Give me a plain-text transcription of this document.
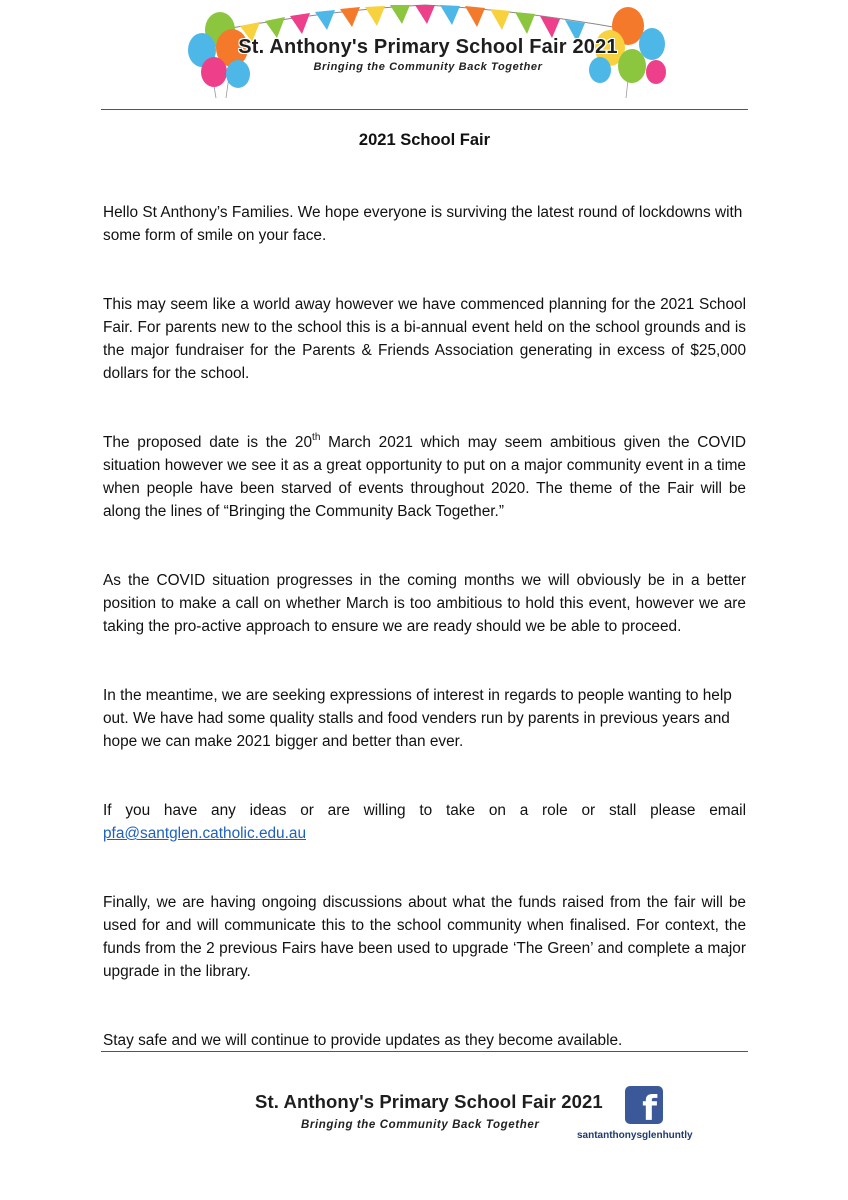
St. Anthony's Primary School Fair 2021
Bringing the Community Back Together
2021 School Fair

Hello St Anthony’s Families. We hope everyone is surviving the latest round of lockdowns with some form of smile on your face.

This may seem like a world away however we have commenced planning for the 2021 School Fair. For parents new to the school this is a bi-annual event held on the school grounds and is the major fundraiser for the Parents & Friends Association generating in excess of $25,000 dollars for the school.

The proposed date is the 20th March 2021 which may seem ambitious given the COVID situation however we see it as a great opportunity to put on a major community event in a time when people have been starved of events throughout 2020. The theme of the Fair will be along the lines of “Bringing the Community Back Together.”

As the COVID situation progresses in the coming months we will obviously be in a better position to make a call on whether March is too ambitious to hold this event, however we are taking the pro-active approach to ensure we are ready should we be able to proceed.

In the meantime, we are seeking expressions of interest in regards to people wanting to help out. We have had some quality stalls and food venders run by parents in previous years and hope we can make 2021 bigger and better than ever.

If you have any ideas or are willing to take on a role or stall please email
pfa@santglen.catholic.edu.au

Finally, we are having ongoing discussions about what the funds raised from the fair will be used for and will communicate this to the school community when finalised. For context, the funds from the 2 previous Fairs have been used to upgrade ‘The Green’ and complete a major upgrade in the library.

Stay safe and we will continue to provide updates as they become available.

St. Anthony's Primary School Fair 2021
Bringing the Community Back Together	f
santanthonysglenhuntly
